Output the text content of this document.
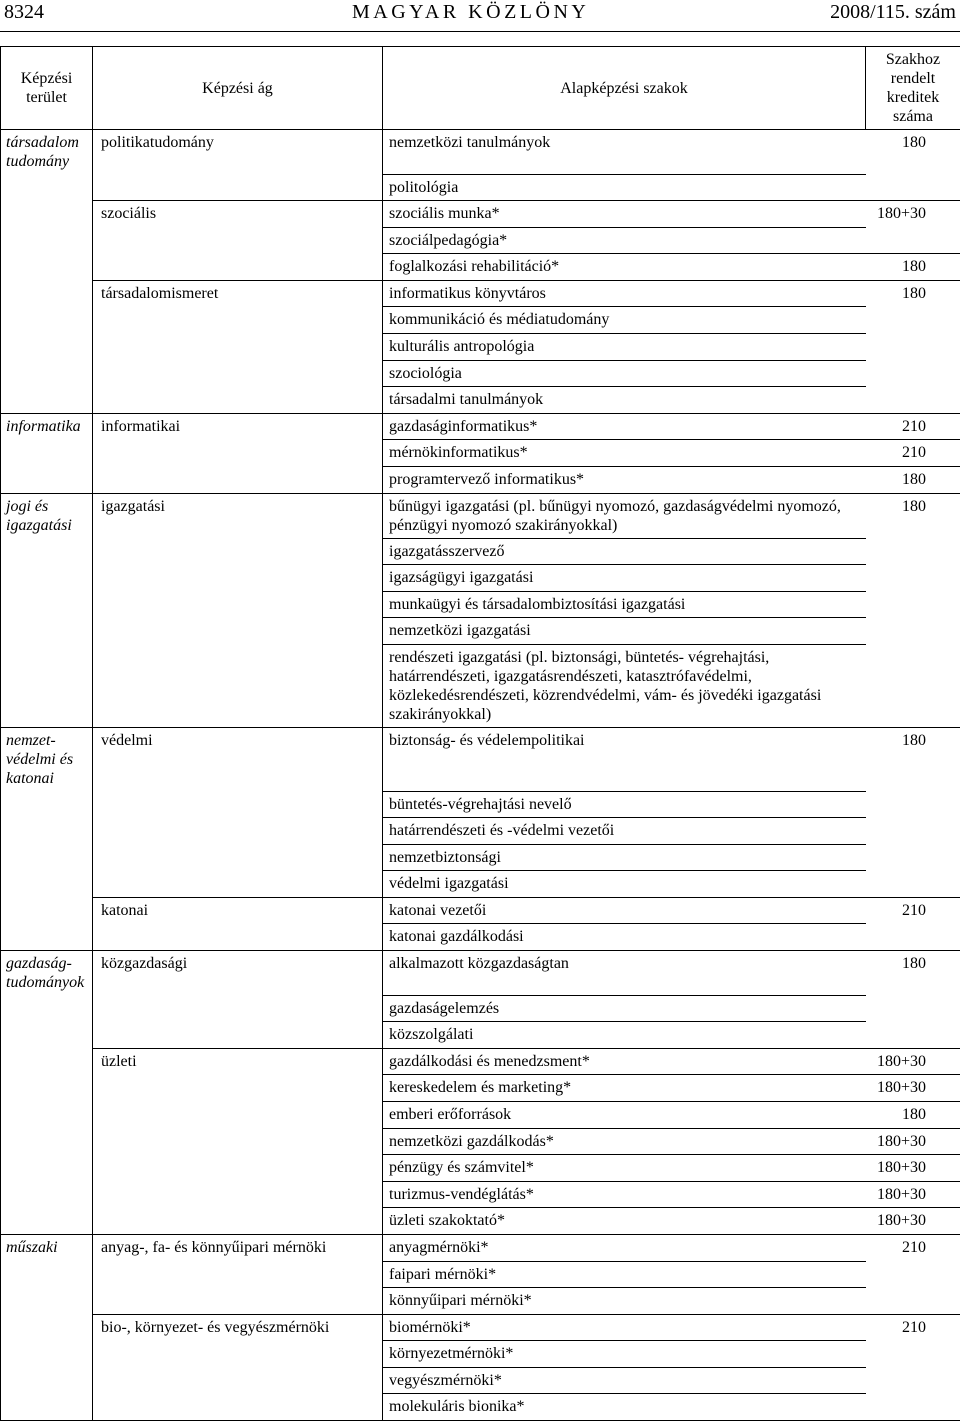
8324	MAGYAR KÖZLÖNY	2008/115. szám
Képzési terület	Képzési ág	Alapképzési szakok	Szakhoz rendelt kreditek száma
társadalom tudomány	politikatudomány	nemzetközi tanulmányok	180
		politológia	
	szociális	szociális munka*	180+30
		szociálpedagógia*	
		foglalkozási rehabilitáció*	180
	társadalomismeret	informatikus könyvtáros	180
		kommunikáció és médiatudomány	
		kulturális antropológia	
		szociológia	
		társadalmi tanulmányok	
informatika	informatikai	gazdaságinformatikus*	210
		mérnökinformatikus*	210
		programtervező informatikus*	180
jogi és igazgatási	igazgatási	bűnügyi igazgatási (pl. bűnügyi nyomozó, gazdaságvédelmi nyomozó, pénzügyi nyomozó szakirányokkal)	180
		igazgatásszervező	
		igazságügyi igazgatási	
		munkaügyi és társadalombiztosítási igazgatási	
		nemzetközi igazgatási	
		rendészeti igazgatási (pl. biztonsági, büntetés- végrehajtási, határrendészeti, igazgatásrendészeti, katasztrófavédelmi, közlekedésrendészeti, közrendvédelmi, vám- és jövedéki igazgatási szakirányokkal)	
nemzet-védelmi és katonai	védelmi	biztonság- és védelempolitikai	180
		büntetés-végrehajtási nevelő	
		határrendészeti és -védelmi vezetői	
		nemzetbiztonsági	
		védelmi igazgatási	
	katonai	katonai vezetői	210
		katonai gazdálkodási	
gazdaság-tudományok	közgazdasági	alkalmazott közgazdaságtan	180
		gazdaságelemzés	
		közszolgálati	
	üzleti	gazdálkodási és menedzsment*	180+30
		kereskedelem és marketing*	180+30
		emberi erőforrások	180
		nemzetközi gazdálkodás*	180+30
		pénzügy és számvitel*	180+30
		turizmus-vendéglátás*	180+30
		üzleti szakoktató*	180+30
műszaki	anyag-, fa- és könnyűipari mérnöki	anyagmérnöki*	210
		faipari mérnöki*	
		könnyűipari mérnöki*	
	bio-, környezet- és vegyészmérnöki	biomérnöki*	210
		környezetmérnöki*	
		vegyészmérnöki*	
		molekuláris bionika*	
